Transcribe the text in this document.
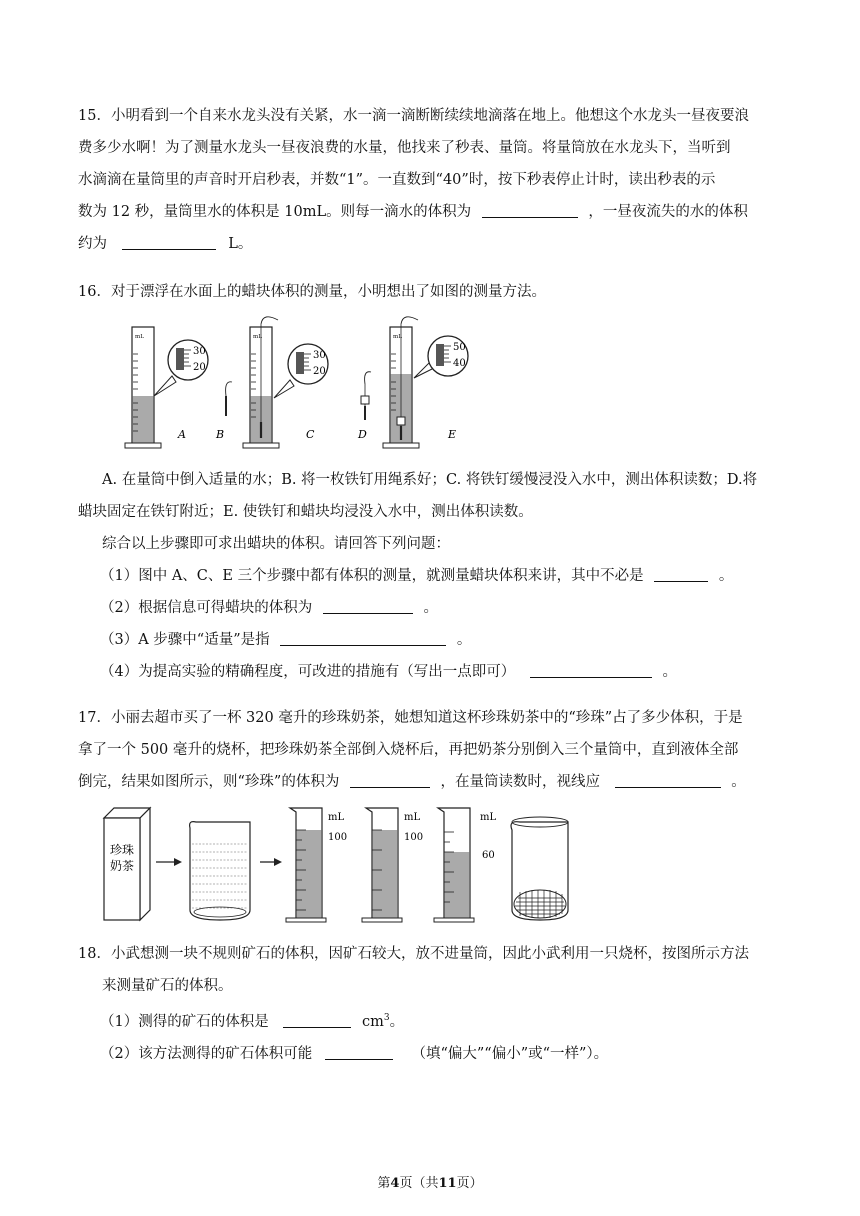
15．小明看到一个自来水龙头没有关紧，水一滴一滴断断续续地滴落在地上。他想这个水龙头一昼夜要浪
费多少水啊！为了测量水龙头一昼夜浪费的水量，他找来了秒表、量筒。将量筒放在水龙头下，当听到
水滴滴在量筒里的声音时开启秒表，并数“1”。一直数到“40”时，按下秒表停止计时，读出秒表的示
数为 12 秒，量筒里水的体积是 10mL。则每一滴水的体积为	，一昼夜流失的水的体积
约为	L。
16．对于漂浮在水面上的蜡块体积的测量，小明想出了如图的测量方法。
mL
30
20
A	B
mL
30
20
C	D
mL
50
40
E
A. 在量筒中倒入适量的水；B. 将一枚铁钉用绳系好；C. 将铁钉缓慢浸没入水中，测出体积读数；D.将
蜡块固定在铁钉附近；E. 使铁钉和蜡块均浸没入水中，测出体积读数。
综合以上步骤即可求出蜡块的体积。请回答下列问题：
（1）图中 A、C、E 三个步骤中都有体积的测量，就测量蜡块体积来讲，其中不必是	。
（2）根据信息可得蜡块的体积为	。
（3）A 步骤中“适量”是指	。
（4）为提高实验的精确程度，可改进的措施有（写出一点即可）	。
17．小丽去超市买了一杯 320 毫升的珍珠奶茶，她想知道这杯珍珠奶茶中的“珍珠”占了多少体积，于是
拿了一个 500 毫升的烧杯，把珍珠奶茶全部倒入烧杯后，再把奶茶分别倒入三个量筒中，直到液体全部
倒完，结果如图所示，则“珍珠”的体积为	，在量筒读数时，视线应	。
珍珠
奶茶
mL
100
mL
100
mL
60
18．小武想测一块不规则矿石的体积，因矿石较大，放不进量筒，因此小武利用一只烧杯，按图所示方法
来测量矿石的体积。
（1）测得的矿石的体积是	$cm^3$。
（2）该方法测得的矿石体积可能	（填“偏大”“偏小”或“一样”）。
第4页（共11页）
